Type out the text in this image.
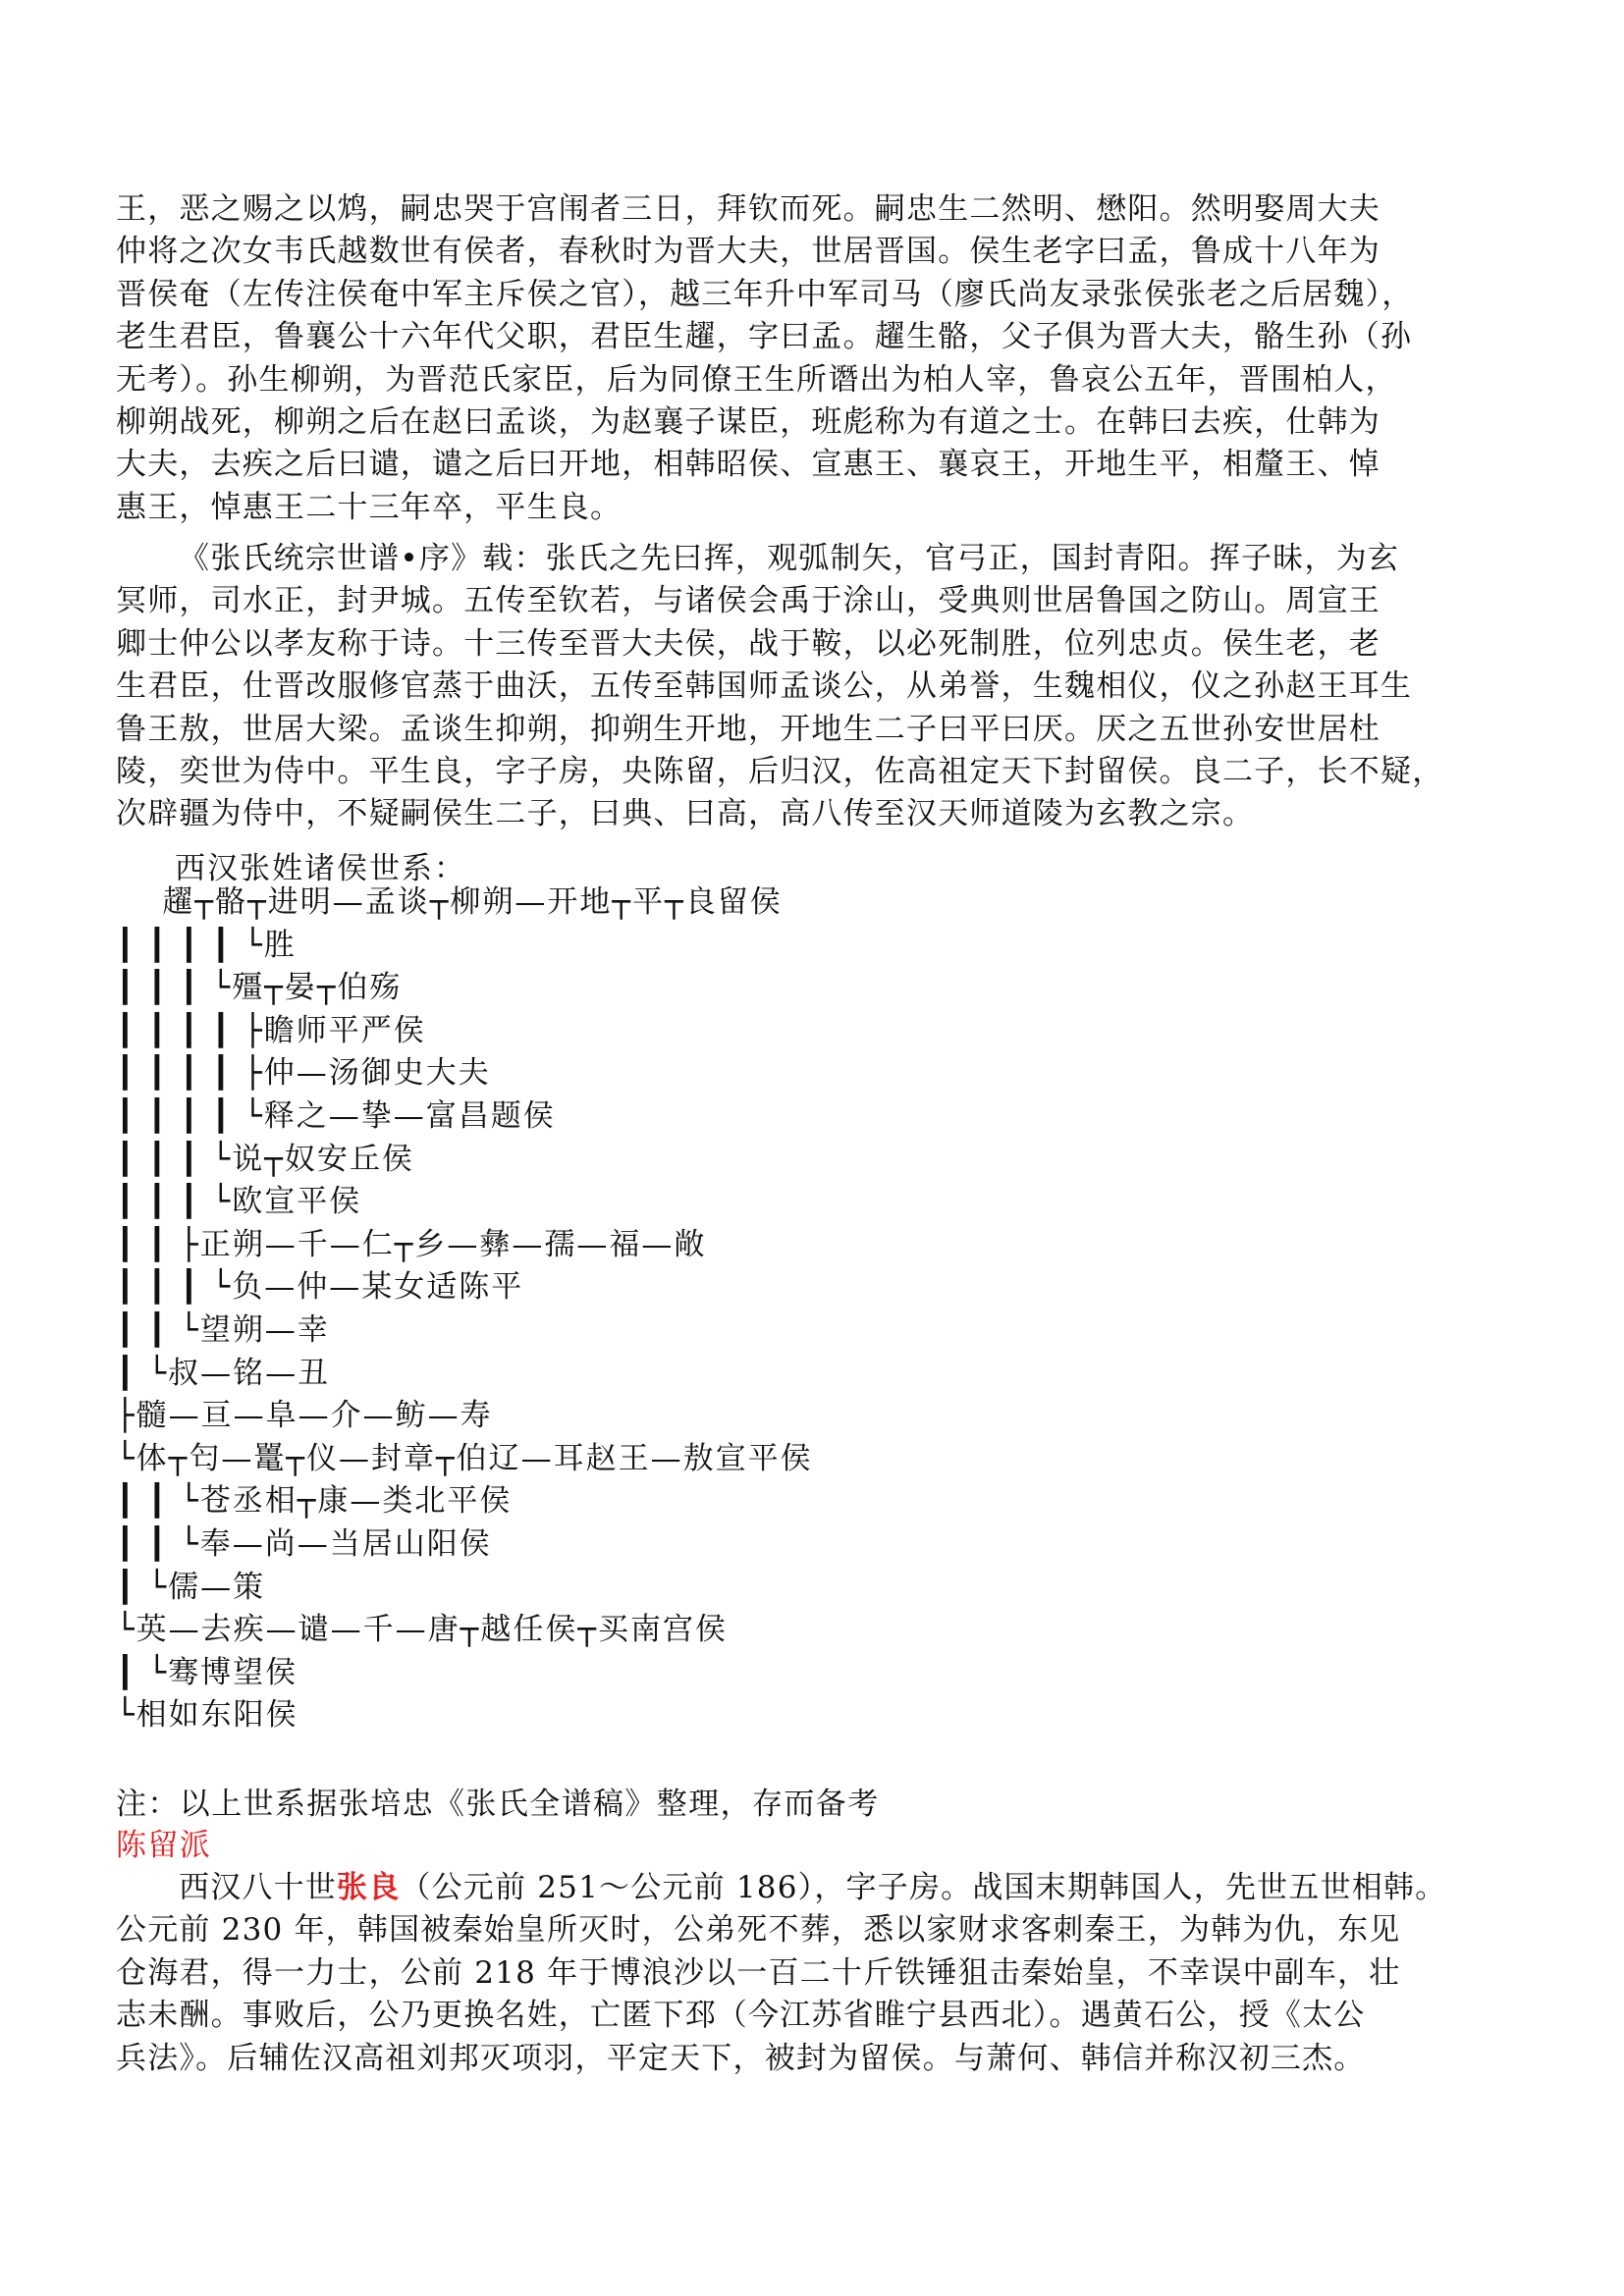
王，恶之赐之以鸩，嗣忠哭于宫闱者三日，拜钦而死。嗣忠生二然明、懋阳。然明娶周大夫

仲将之次女韦氏越数世有侯者，春秋时为晋大夫，世居晋国。侯生老字曰孟，鲁成十八年为

晋侯奄（左传注侯奄中军主斥侯之官），越三年升中军司马（廖氏尚友录张侯张老之后居魏），

老生君臣，鲁襄公十六年代父职，君臣生趯，字曰孟。趯生骼，父子俱为晋大夫，骼生孙（孙

无考）。孙生柳朔，为晋范氏家臣，后为同僚王生所谮出为柏人宰，鲁哀公五年，晋围柏人，

柳朔战死，柳朔之后在赵曰孟谈，为赵襄子谋臣，班彪称为有道之士。在韩曰去疾，仕韩为

大夫，去疾之后曰谴，谴之后曰开地，相韩昭侯、宣惠王、襄哀王，开地生平，相釐王、悼

惠王，悼惠王二十三年卒，平生良。

《张氏统宗世谱•序》载：张氏之先曰挥，观弧制矢，官弓正，国封青阳。挥子昧，为玄

冥师，司水正，封尹城。五传至钦若，与诸侯会禹于涂山，受典则世居鲁国之防山。周宣王

卿士仲公以孝友称于诗。十三传至晋大夫侯，战于鞍，以必死制胜，位列忠贞。侯生老，老

生君臣，仕晋改服修官蒸于曲沃，五传至韩国师孟谈公，从弟誉，生魏相仪，仪之孙赵王耳生

鲁王敖，世居大梁。孟谈生抑朔，抑朔生开地，开地生二子曰平曰厌。厌之五世孙安世居杜

陵，奕世为侍中。平生良，字子房，央陈留，后归汉，佐高祖定天下封留侯。良二子，长不疑，

次辟疆为侍中，不疑嗣侯生二子，曰典、曰高，高八传至汉天师道陵为玄教之宗。

西汉张姓诸侯世系：
趯┬骼┬进明—孟谈┬柳朔—开地┬平┬良留侯
┃ ┃ ┃ ┃ └胜
┃ ┃ ┃ └殭┬晏┬伯殇
┃ ┃ ┃ ┃ ├瞻师平严侯
┃ ┃ ┃ ┃ ├仲—汤御史大夫
┃ ┃ ┃ ┃ └释之—挚—富昌题侯
┃ ┃ ┃ └说┬奴安丘侯
┃ ┃ ┃ └欧宣平侯
┃ ┃ ├正朔—千—仁┬乡—彝—孺—福—敞
┃ ┃ ┃ └负—仲—某女适陈平
┃ ┃ └望朔—幸
┃ └叔—铭—丑
├髓—亘—阜—介—鲂—寿
└体┬匄—鼍┬仪—封章┬伯辽—耳赵王—敖宣平侯
┃ ┃ └苍丞相┬康—类北平侯
┃ ┃ └奉—尚—当居山阳侯
┃ └儒—策
└英—去疾—谴—千—唐┬越任侯┬买南宫侯
┃ └骞博望侯
└相如东阳侯
注：以上世系据张培忠《张氏全谱稿》整理，存而备考
陈留派

西汉八十世张良（公元前 251～公元前 186），字子房。战国末期韩国人，先世五世相韩。

公元前 230 年，韩国被秦始皇所灭时，公弟死不葬，悉以家财求客刺秦王，为韩为仇，东见

仓海君，得一力士，公前 218 年于博浪沙以一百二十斤铁锤狙击秦始皇，不幸误中副车，壮

志未酬。事败后，公乃更换名姓，亡匿下邳（今江苏省睢宁县西北）。遇黄石公，授《太公

兵法》。后辅佐汉高祖刘邦灭项羽，平定天下，被封为留侯。与萧何、韩信并称汉初三杰。
